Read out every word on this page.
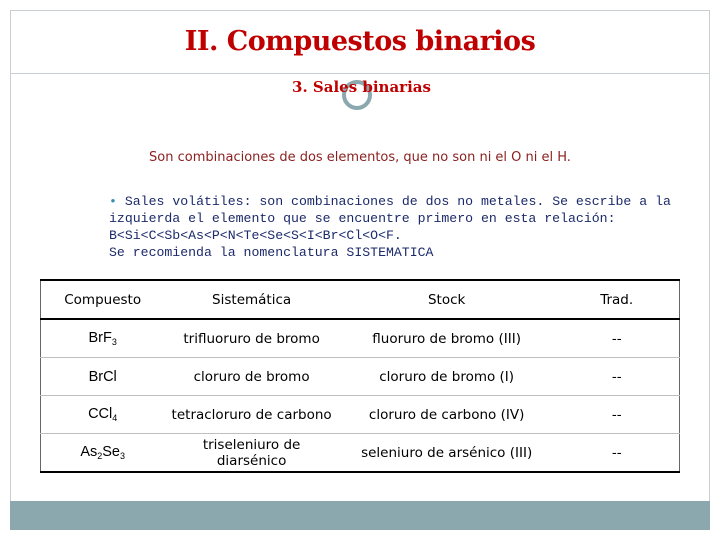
II. Compuestos binarios
3. Sales binarias
Son combinaciones de dos elementos, que no son ni el O ni el H.
• Sales volátiles: son combinaciones de dos no metales. Se escribe a la
izquierda el elemento que se encuentre primero en esta relación:
B<Si<C<Sb<As<P<N<Te<Se<S<I<Br<Cl<O<F.
Se recomienda la nomenclatura SISTEMATICA
Compuesto	Sistemática	Stock	Trad.
BrF$_3$	trifluoruro de bromo	fluoruro de bromo (III)	--
BrCl	cloruro de bromo	cloruro de bromo (I)	--
CCl$_4$	tetracloruro de carbono	cloruro de carbono (IV)	--
$As_2Se_3$	triseleniuro de diarsénico	seleniuro de arsénico (III)	--
